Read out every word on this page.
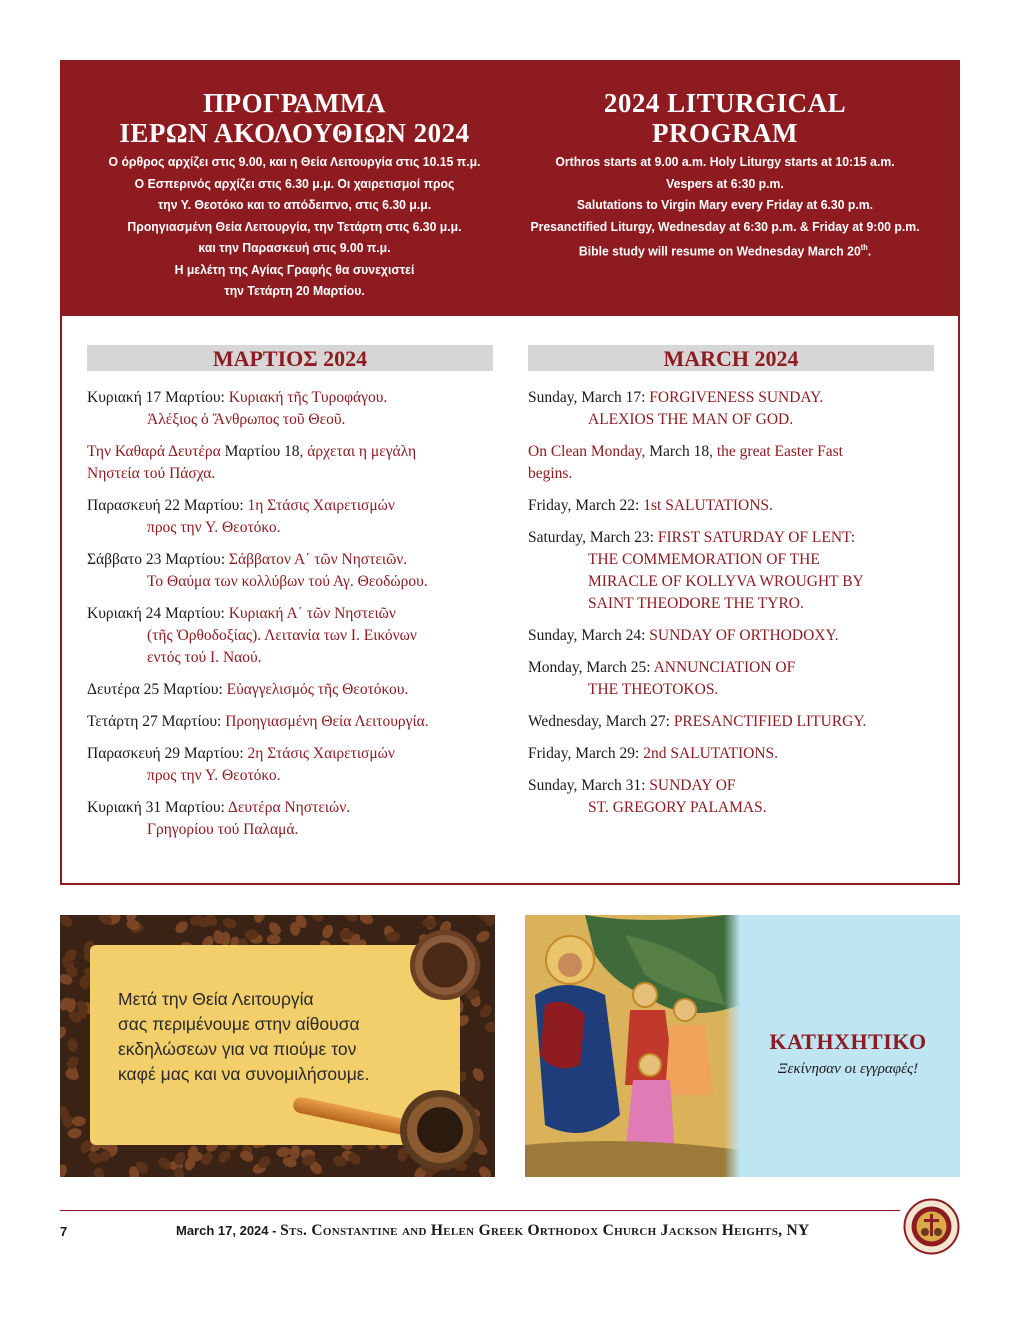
ΠΡΟΓΡΑΜΜΑ
ΙΕΡΩΝ ΑΚΟΛΟΥΘΙΩΝ 2024
Ο όρθρος αρχίζει στις 9.00, και η Θεία Λειτουργία στις 10.15 π.μ.
Ο Εσπερινός αρχίζει στις 6.30 μ.μ. Οι χαιρετισμοί προς
την Υ. Θεοτόκο και το απόδειπνο, στις 6.30 μ.μ.
Προηγιασμένη Θεία Λειτουργία, την Τετάρτη στις 6.30 μ.μ.
και την Παρασκευή στις 9.00 π.μ.
Η μελέτη της Αγίας Γραφής θα συνεχιστεί
την Τετάρτη 20 Μαρτίου.
2024 LITURGICAL
PROGRAM
Orthros starts at 9.00 a.m. Holy Liturgy starts at 10:15 a.m.
Vespers at 6:30 p.m.
Salutations to Virgin Mary every Friday at 6.30 p.m.
Presanctified Liturgy, Wednesday at 6:30 p.m. & Friday at 9:00 p.m.
Bible study will resume on Wednesday March 20th.
ΜΑΡΤΙΟΣ 2024	MARCH 2024
Κυριακή 17 Μαρτίου: Κυριακή τῆς Τυροφάγου.
Ἀλέξιος ὁ Ἄνθρωπος τοῦ Θεοῦ.
Την Καθαρά Δευτέρα Μαρτίου 18, άρχεται η μεγάλη
Νηστεία τού Πάσχα.
Παρασκευή 22 Μαρτίου: 1η Στάσις Χαιρετισμών
προς την Υ. Θεοτόκο.
Σάββατο 23 Μαρτίου: Σάββατον Α΄ τῶν Νηστειῶν.
Το Θαύμα των κολλύβων τού Αγ. Θεοδώρου.
Κυριακή 24 Μαρτίου: Κυριακή Α΄ τῶν Νηστειῶν
(τῆς Ὀρθοδοξίας). Λειτανία των Ι. Εικόνων
εντός τού Ι. Ναού.
Δευτέρα 25 Μαρτίου: Εὐαγγελισμός τῆς Θεοτόκου.
Τετάρτη 27 Μαρτίου: Προηγιασμένη Θεία Λειτουργία.
Παρασκευή 29 Μαρτίου: 2η Στάσις Χαιρετισμών
προς την Υ. Θεοτόκο.
Κυριακή 31 Μαρτίου: Δευτέρα Νηστειών.
Γρηγορίου τού Παλαμά.
Sunday, March 17: FORGIVENESS SUNDAY.
ALEXIOS THE MAN OF GOD.
On Clean Monday, March 18, the great Easter Fast
begins.
Friday, March 22: 1st SALUTATIONS.
Saturday, March 23: FIRST SATURDAY OF LENT:
THE COMMEMORATION OF THE
MIRACLE OF KOLLYVA WROUGHT BY
SAINT THEODORE THE TYRO.
Sunday, March 24: SUNDAY OF ORTHODOXY.
Monday, March 25: ANNUNCIATION OF
THE THEOTOKOS.
Wednesday, March 27: PRESANCTIFIED LITURGY.
Friday, March 29: 2nd SALUTATIONS.
Sunday, March 31: SUNDAY OF
ST. GREGORY PALAMAS.
Μετά την Θεία Λειτουργία
σας περιμένουμε στην αίθουσα
εκδηλώσεων για να πιούμε τον
καφέ μας και να συνομιλήσουμε.
ΚΑΤΗΧΗΤΙΚΟ
Ξεκίνησαν οι εγγραφές!
7	March 17, 2024 - Sts. Constantine and Helen Greek Orthodox Church Jackson Heights, NY
